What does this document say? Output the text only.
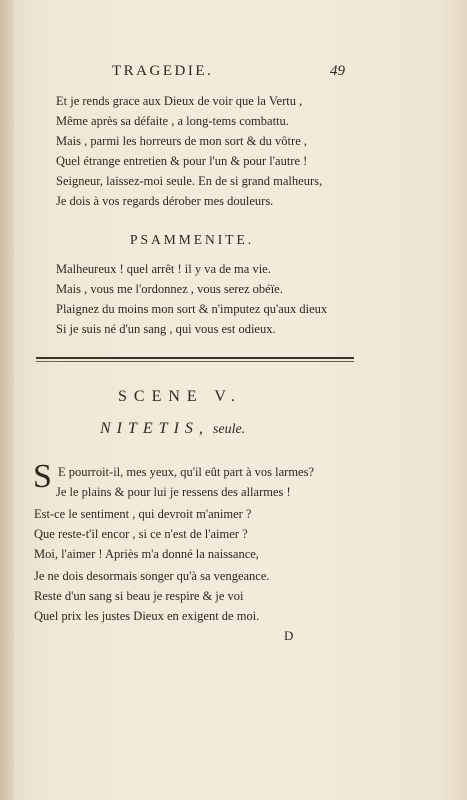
TRAGEDIE.	49
Et je rends grace aux Dieux de voir que la Vertu ,
Même après sa défaite , a long-tems combattu.
Mais , parmi les horreurs de mon sort & du vôtre ,
Quel étrange entretien & pour l'un & pour l'autre !
Seigneur, laissez-moi seule. En de si grand malheurs,
Je dois à vos regards dérober mes douleurs.
PSAMMENITE.
Malheureux ! quel arrêt ! il y va de ma vie.
Mais , vous me l'ordonnez , vous serez obéïe.
Plaignez du moins mon sort & n'imputez qu'aux dieux
Si je suis né d'un sang , qui vous est odieux.
SCENE V.
NITETIS, seule.
S E pourroit-il, mes yeux, qu'il eût part à vos larmes?
Je le plains & pour lui je ressens des allarmes !
Est-ce le sentiment , qui devroit m'animer ?
Que reste-t'il encor , si ce n'est de l'aimer ?
Moi, l'aimer ! Apriès m'a donné la naissance,
Je ne dois desormais songer qu'à sa vengeance.
Reste d'un sang si beau je respire & je voi
Quel prix les justes Dieux en exigent de moi.
D
